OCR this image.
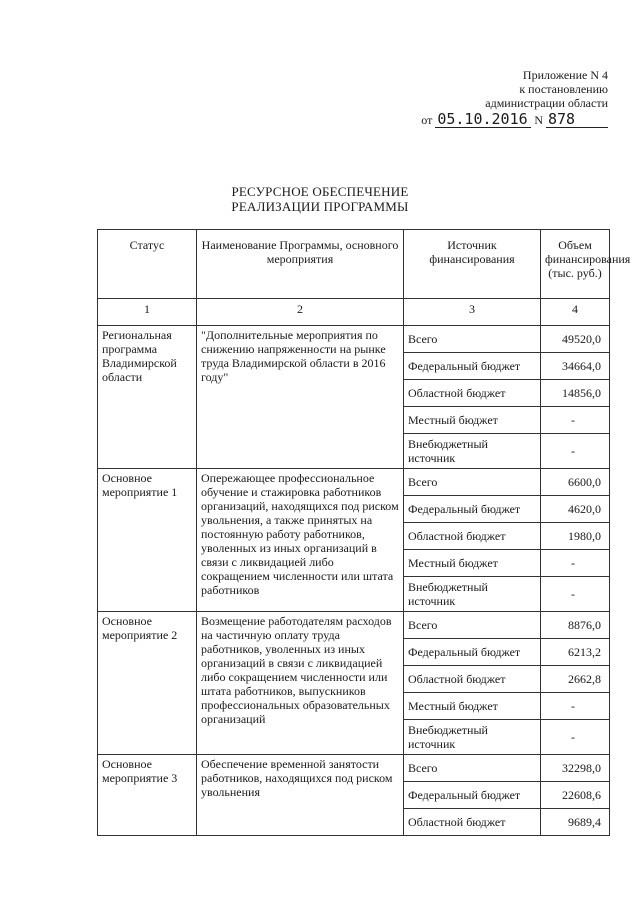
Приложение N 4
к постановлению
администрации области
от 05.10.2016 N 878
РЕСУРСНОЕ ОБЕСПЕЧЕНИЕ
РЕАЛИЗАЦИИ ПРОГРАММЫ
Статус	Наименование Программы, основного мероприятия	Источник финансирования	Объем финансирования (тыс. руб.)
1	2	3	4
Региональная программа Владимирской области	"Дополнительные мероприятия по снижению напряженности на рынке труда Владимирской области в 2016 году"	Всего	49520,0
		Федеральный бюджет	34664,0
		Областной бюджет	14856,0
		Местный бюджет	-
		Внебюджетный источник	-
Основное мероприятие 1	Опережающее профессиональное обучение и стажировка работников организаций, находящихся под риском увольнения, а также принятых на постоянную работу работников, уволенных из иных организаций в связи с ликвидацией либо сокращением численности или штата работников	Всего	6600,0
		Федеральный бюджет	4620,0
		Областной бюджет	1980,0
		Местный бюджет	-
		Внебюджетный источник	-
Основное мероприятие 2	Возмещение работодателям расходов на частичную оплату труда работников, уволенных из иных организаций в связи с ликвидацией либо сокращением численности или штата работников, выпускников профессиональных образовательных организаций	Всего	8876,0
		Федеральный бюджет	6213,2
		Областной бюджет	2662,8
		Местный бюджет	-
		Внебюджетный источник	-
Основное мероприятие 3	Обеспечение временной занятости работников, находящихся под риском увольнения	Всего	32298,0
		Федеральный бюджет	22608,6
		Областной бюджет	9689,4
